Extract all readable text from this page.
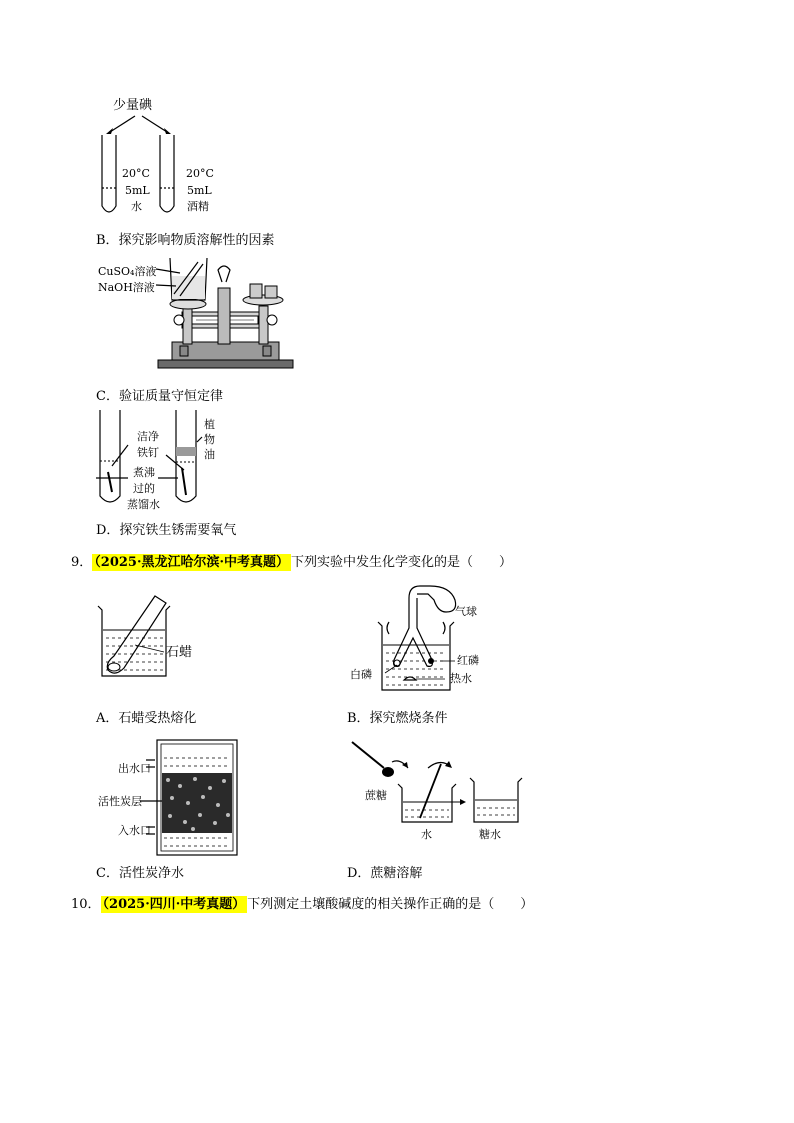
少量碘
20°C
5mL
水
20°C
5mL
酒精
B．探究影响物质溶解性的因素
CuSO₄溶液
NaOH溶液
C．验证质量守恒定律
洁净
铁钉
煮沸
过的
蒸馏水
植
物
油
D．探究铁生锈需要氧气
9． （2025·黑龙江哈尔滨·中考真题） 下列实验中发生化学变化的是（　　）
石蜡
A．石蜡受热熔化
气球
红磷
白磷	热水
B．探究燃烧条件
出水口
活性炭层
入水口
C．活性炭净水
蔗糖
水	糖水
D．蔗糖溶解
10． （2025·四川·中考真题） 下列测定土壤酸碱度的相关操作正确的是（　　）
